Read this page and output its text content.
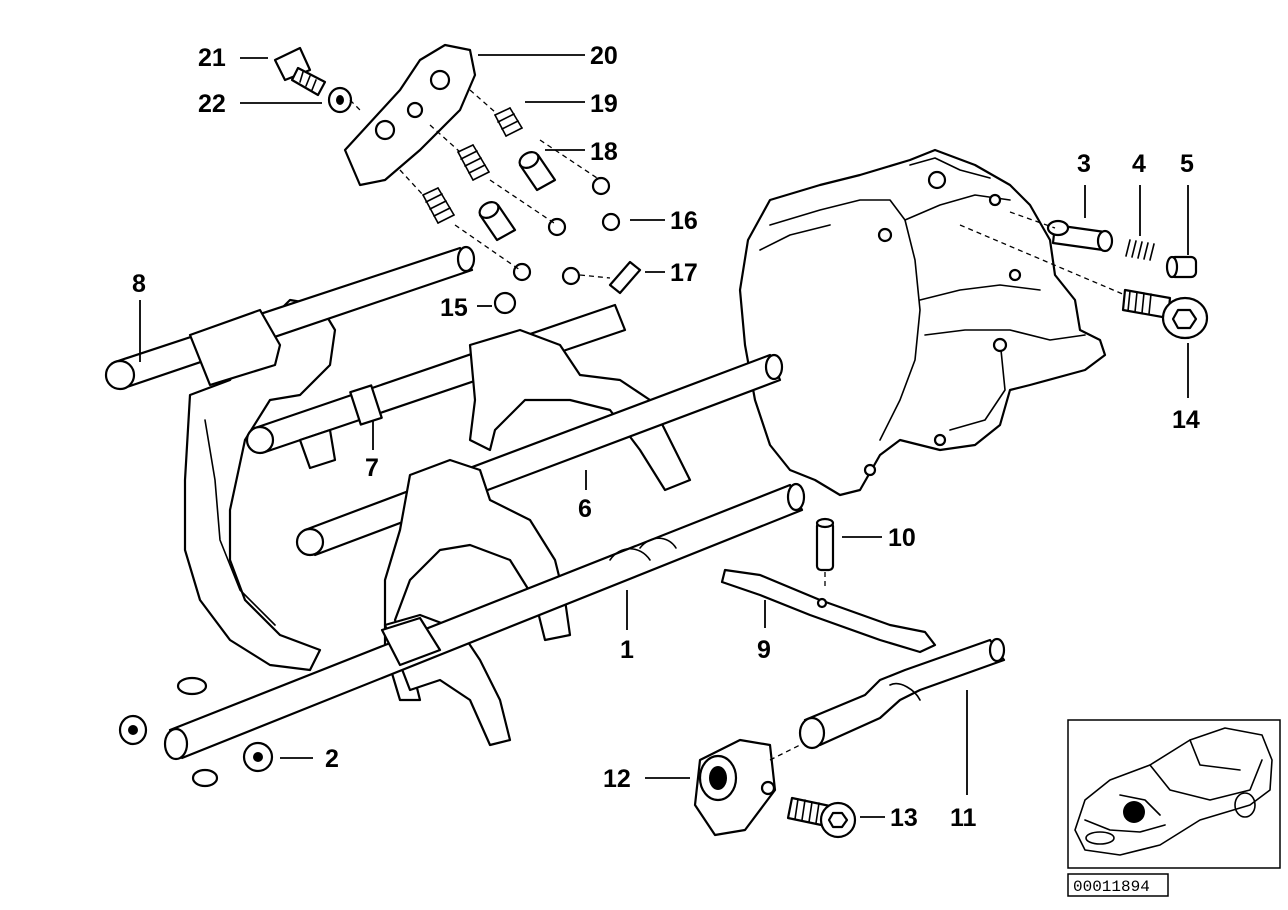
21
22
20
19
18
16
17
15
8
7
6
1	9
10
2
3 4 5
14
12
13 11
00011894
